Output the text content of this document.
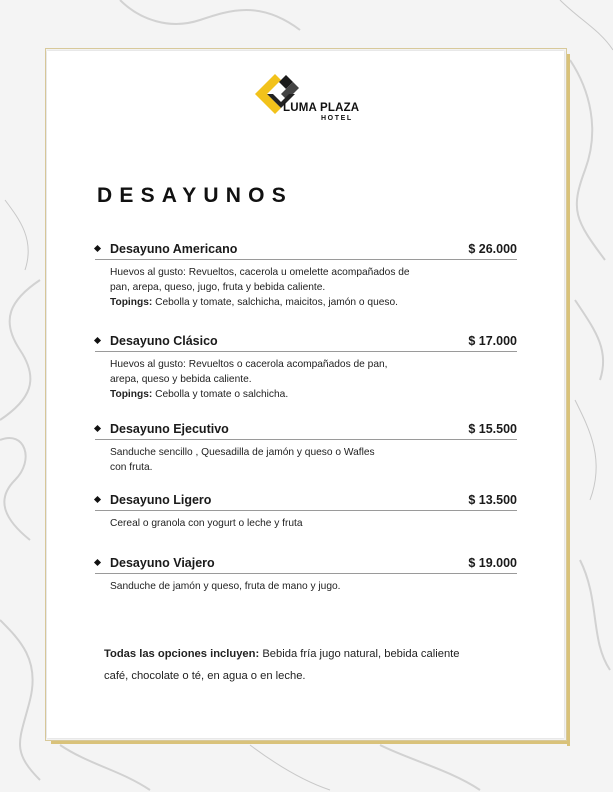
LUMA PLAZA
HOTEL
DESAYUNOS
Desayuno Americano	$ 26.000
Huevos al gusto: Revueltos, cacerola u omelette acompañados de
pan, arepa, queso, jugo, fruta y bebida caliente.
Topings: Cebolla y tomate, salchicha, maicitos, jamón o queso.
Desayuno Clásico	$ 17.000
Huevos al gusto: Revueltos o cacerola acompañados de pan,
arepa, queso y bebida caliente.
Topings: Cebolla y tomate o salchicha.
Desayuno Ejecutivo	$ 15.500
Sanduche sencillo , Quesadilla de jamón y queso o Wafles
con fruta.
Desayuno Ligero	$ 13.500
Cereal o granola con yogurt o leche y fruta
Desayuno Viajero	$ 19.000
Sanduche de jamón y queso, fruta de mano y jugo.
Todas las opciones incluyen: Bebida fría jugo natural, bebida caliente
café, chocolate o té, en agua o en leche.
